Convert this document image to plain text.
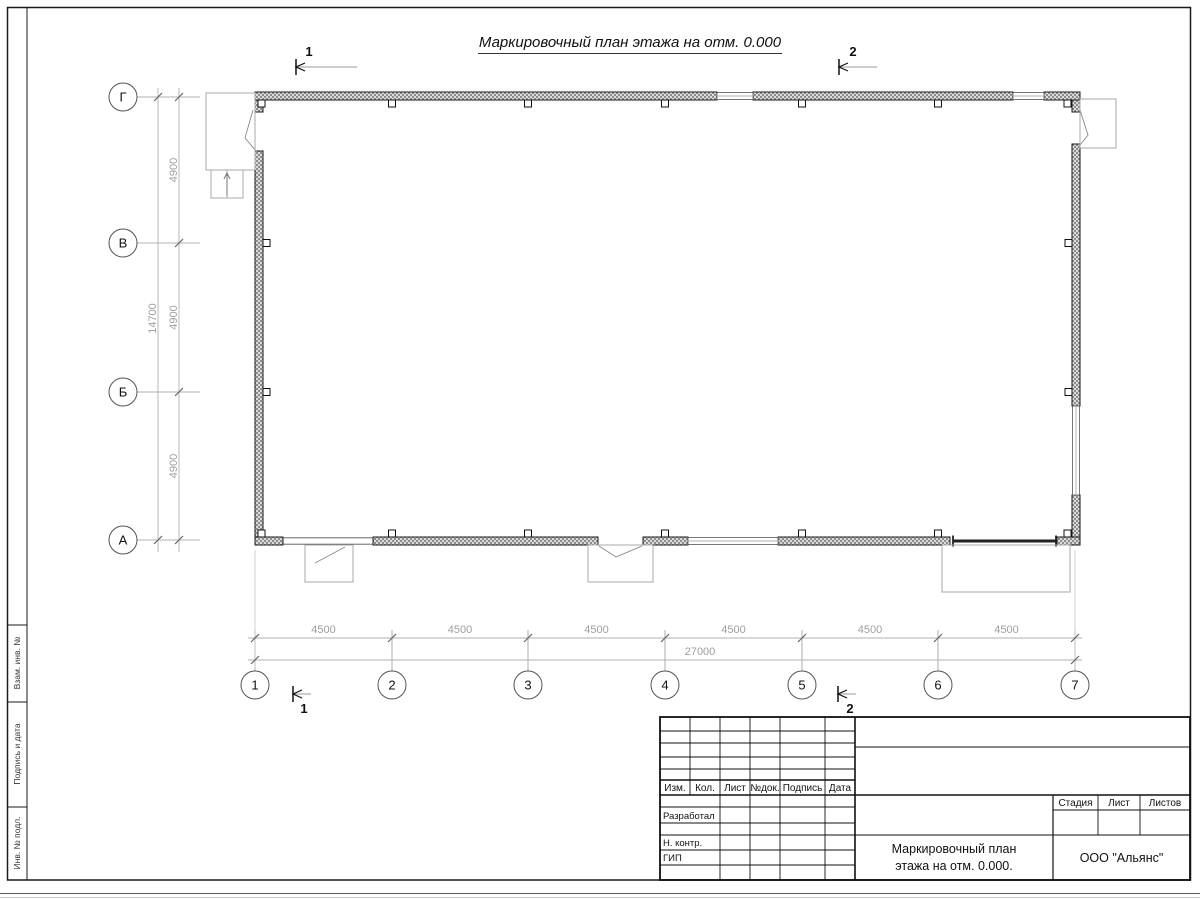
Взам. инв. №
Подпись и дата
Инв. № подл.
Маркировочный план этажа на отм. 0.000
Г
В
Б
А
4900
4900
4900
14700
1	2	3	4	5	6	7
4500	4500	4500	4500	4500	4500
27000
1	2
1	2
Изм. Кол. Лист №док. Подпись Дата
Разработал
Н. контр.
ГИП
Стадия Лист Листов
Маркировочный план
этажа на отм. 0.000.
ООО "Альянс"
